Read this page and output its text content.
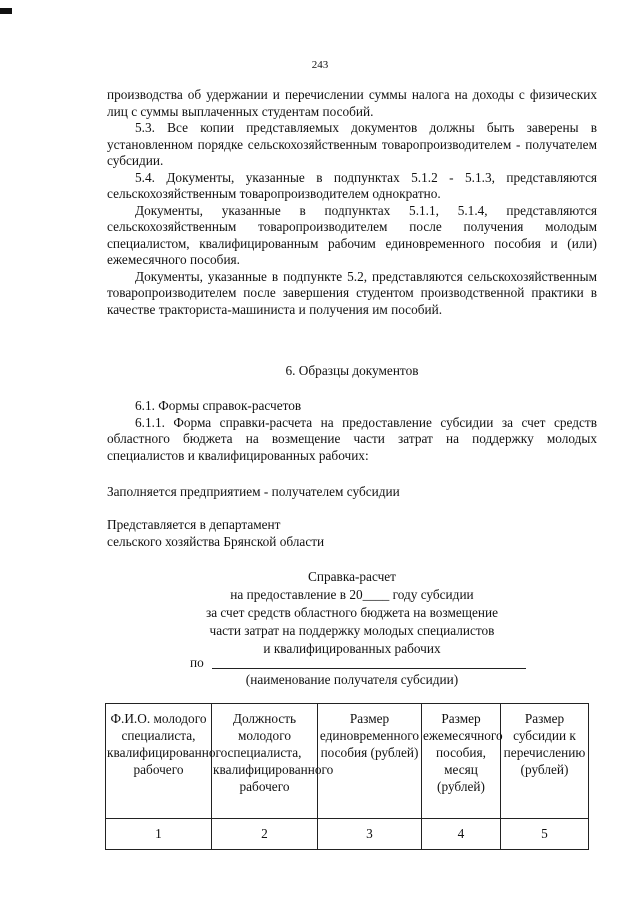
243

производства об удержании и перечислении суммы налога на доходы с физических лиц с суммы выплаченных студентам пособий.

5.3. Все копии представляемых документов должны быть заверены в установленном порядке сельскохозяйственным товаропроизводителем - получателем субсидии.

5.4. Документы, указанные в подпунктах 5.1.2 - 5.1.3, представляются сельскохозяйственным товаропроизводителем однократно.

Документы, указанные в подпунктах 5.1.1, 5.1.4, представляются сельскохозяйственным товаропроизводителем после получения молодым специалистом, квалифицированным рабочим единовременного пособия и (или) ежемесячного пособия.

Документы, указанные в подпункте 5.2, представляются сельскохозяйственным товаропроизводителем после завершения студентом производственной практики в качестве тракториста-машиниста и получения им пособий.

6. Образцы документов

6.1. Формы справок-расчетов

6.1.1. Форма справки-расчета на предоставление субсидии за счет средств областного бюджета на возмещение части затрат на поддержку молодых специалистов и квалифицированных рабочих:

Заполняется предприятием - получателем субсидии
Представляется в департамент
сельского хозяйства Брянской области
Справка-расчет
на предоставление в 20____ году субсидии
за счет средств областного бюджета на возмещение
части затрат на поддержку молодых специалистов
и квалифицированных рабочих
по
(наименование получателя субсидии)
Ф.И.О. молодого специалиста, квалифицированного рабочего	Должность молодого специалиста, квалифицированного рабочего	Размер единовременного пособия (рублей)	Размер ежемесячного пособия, месяц (рублей)	Размер субсидии к перечислению (рублей)
1	2	3	4	5
